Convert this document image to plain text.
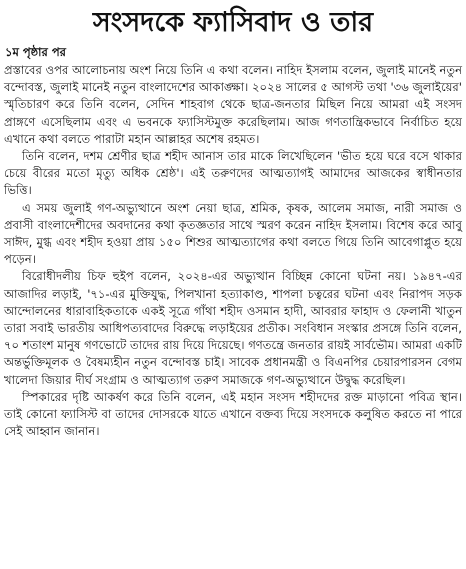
সংসদকে ফ্যাসিবাদ ও তার
১ম পৃষ্ঠার পর

প্রস্তাবের ওপর আলোচনায় অংশ নিয়ে তিনি এ কথা বলেন। নাহিদ ইসলাম বলেন, জুলাই মানেই নতুন বন্দোবস্ত, জুলাই মানেই নতুন বাংলাদেশের আকাঙ্ক্ষা। ২০২৪ সালের ৫ আগস্ট তথা '৩৬ জুলাইয়ের' স্মৃতিচারণ করে তিনি বলেন, সেদিন শাহবাগ থেকে ছাত্র-জনতার মিছিল নিয়ে আমরা এই সংসদ প্রাঙ্গণে এসেছিলাম এবং এ ভবনকে ফ্যাসিস্টমুক্ত করেছিলাম। আজ গণতান্ত্রিকভাবে নির্বাচিত হয়ে এখানে কথা বলতে পারাটা মহান আল্লাহর অশেষ রহমত।

তিনি বলেন, দশম শ্রেণীর ছাত্র শহীদ আনাস তার মাকে লিখেছিলেন 'ভীত হয়ে ঘরে বসে থাকার চেয়ে বীরের মতো মৃত্যু অধিক শ্রেষ্ঠ'। এই তরুণদের আত্মত্যাগই আমাদের আজকের স্বাধীনতার ভিত্তি।

এ সময় জুলাই গণ-অভ্যুত্থানে অংশ নেয়া ছাত্র, শ্রমিক, কৃষক, আলেম সমাজ, নারী সমাজ ও প্রবাসী বাংলাদেশীদের অবদানের কথা কৃতজ্ঞতার সাথে স্মরণ করেন নাহিদ ইসলাম। বিশেষ করে আবু সাঈদ, মুগ্ধ এবং শহীদ হওয়া প্রায় ১৫০ শিশুর আত্মত্যাগের কথা বলতে গিয়ে তিনি আবেগাপ্লুত হয়ে পড়েন।

বিরোধীদলীয় চিফ হুইপ বলেন, ২০২৪-এর অভ্যুত্থান বিচ্ছিন্ন কোনো ঘটনা নয়। ১৯৪৭-এর আজাদির লড়াই, '৭১-এর মুক্তিযুদ্ধ, পিলখানা হত্যাকাণ্ড, শাপলা চত্বরের ঘটনা এবং নিরাপদ সড়ক আন্দোলনের ধারাবাহিকতাকে একই সূত্রে গাঁথা শহীদ ওসমান হাদী, আবরার ফাহাদ ও ফেলানী খাতুন তারা সবাই ভারতীয় আধিপত্যবাদের বিরুদ্ধে লড়াইয়ের প্রতীক। সংবিধান সংস্কার প্রসঙ্গে তিনি বলেন, ৭০ শতাংশ মানুষ গণভোটে তাদের রায় দিয়ে দিয়েছে। গণতন্ত্রে জনতার রায়ই সার্বভৌম। আমরা একটি অন্তর্ভুক্তিমূলক ও বৈষম্যহীন নতুন বন্দোবস্ত চাই। সাবেক প্রধানমন্ত্রী ও বিএনপির চেয়ারপারসন বেগম খালেদা জিয়ার দীর্ঘ সংগ্রাম ও আত্মত্যাগ তরুণ সমাজকে গণ-অভ্যুত্থানে উদ্বুদ্ধ করেছিল।

স্পিকারের দৃষ্টি আকর্ষণ করে তিনি বলেন, এই মহান সংসদ শহীদদের রক্ত মাড়ানো পবিত্র স্থান। তাই কোনো ফ্যাসিস্ট বা তাদের দোসরকে যাতে এখানে বক্তব্য দিয়ে সংসদকে কলুষিত করতে না পারে সেই আহ্বান জানান।
